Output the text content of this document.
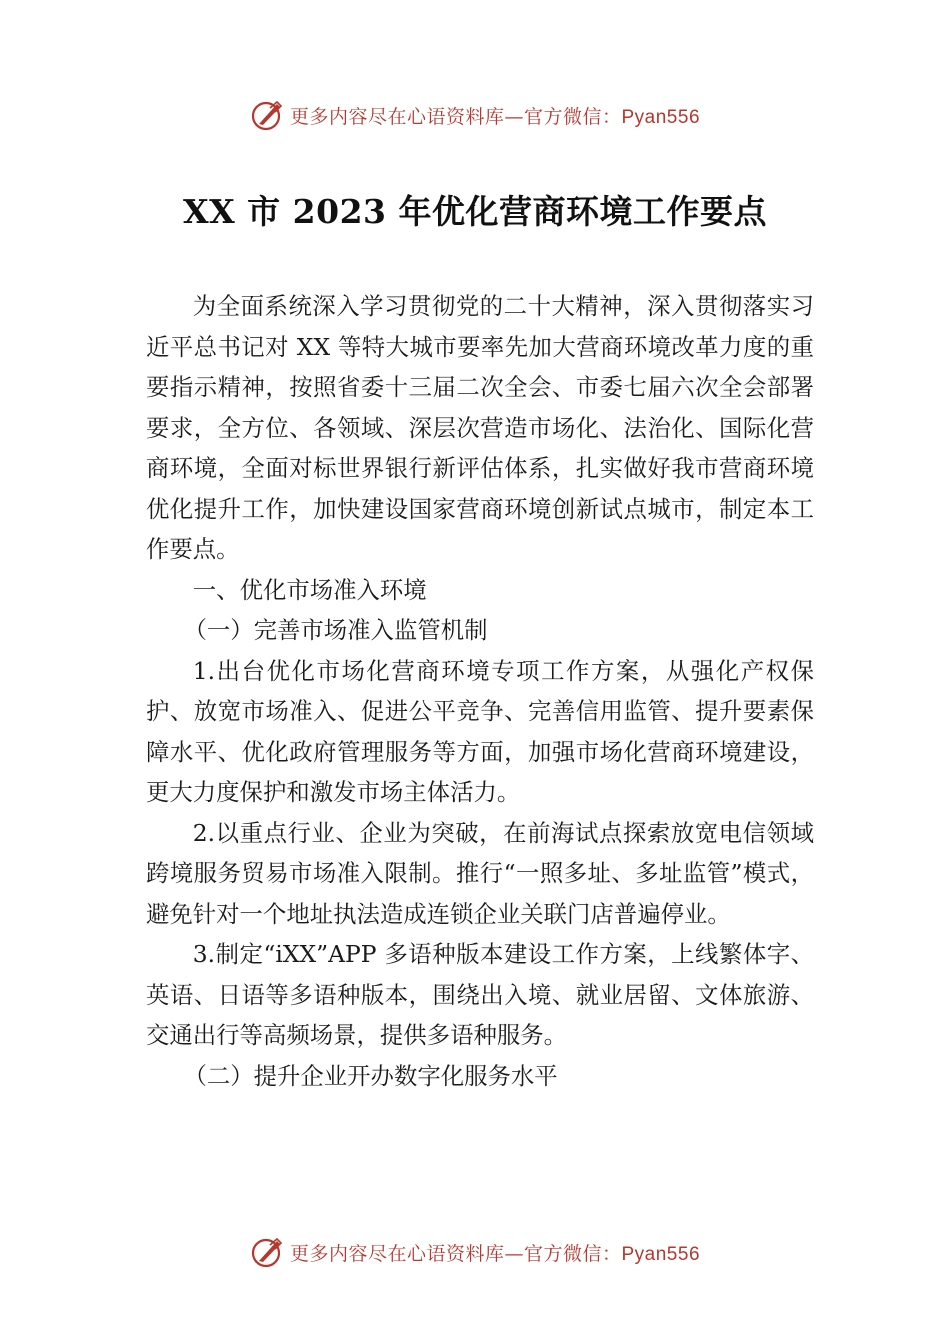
更多内容尽在心语资料库—官方微信：Pyan556
XX 市 2023 年优化营商环境工作要点

为全面系统深入学习贯彻党的二十大精神，深入贯彻落实习近平总书记对 XX 等特大城市要率先加大营商环境改革力度的重要指示精神，按照省委十三届二次全会、市委七届六次全会部署要求，全方位、各领域、深层次营造市场化、法治化、国际化营商环境，全面对标世界银行新评估体系，扎实做好我市营商环境优化提升工作，加快建设国家营商环境创新试点城市，制定本工作要点。

一、优化市场准入环境

（一）完善市场准入监管机制

1.出台优化市场化营商环境专项工作方案，从强化产权保护、放宽市场准入、促进公平竞争、完善信用监管、提升要素保障水平、优化政府管理服务等方面，加强市场化营商环境建设，更大力度保护和激发市场主体活力。

2.以重点行业、企业为突破，在前海试点探索放宽电信领域跨境服务贸易市场准入限制。推行“一照多址、多址监管”模式，避免针对一个地址执法造成连锁企业关联门店普遍停业。

3.制定“iXX”APP 多语种版本建设工作方案，上线繁体字、英语、日语等多语种版本，围绕出入境、就业居留、文体旅游、交通出行等高频场景，提供多语种服务。

（二）提升企业开办数字化服务水平

更多内容尽在心语资料库—官方微信：Pyan556
